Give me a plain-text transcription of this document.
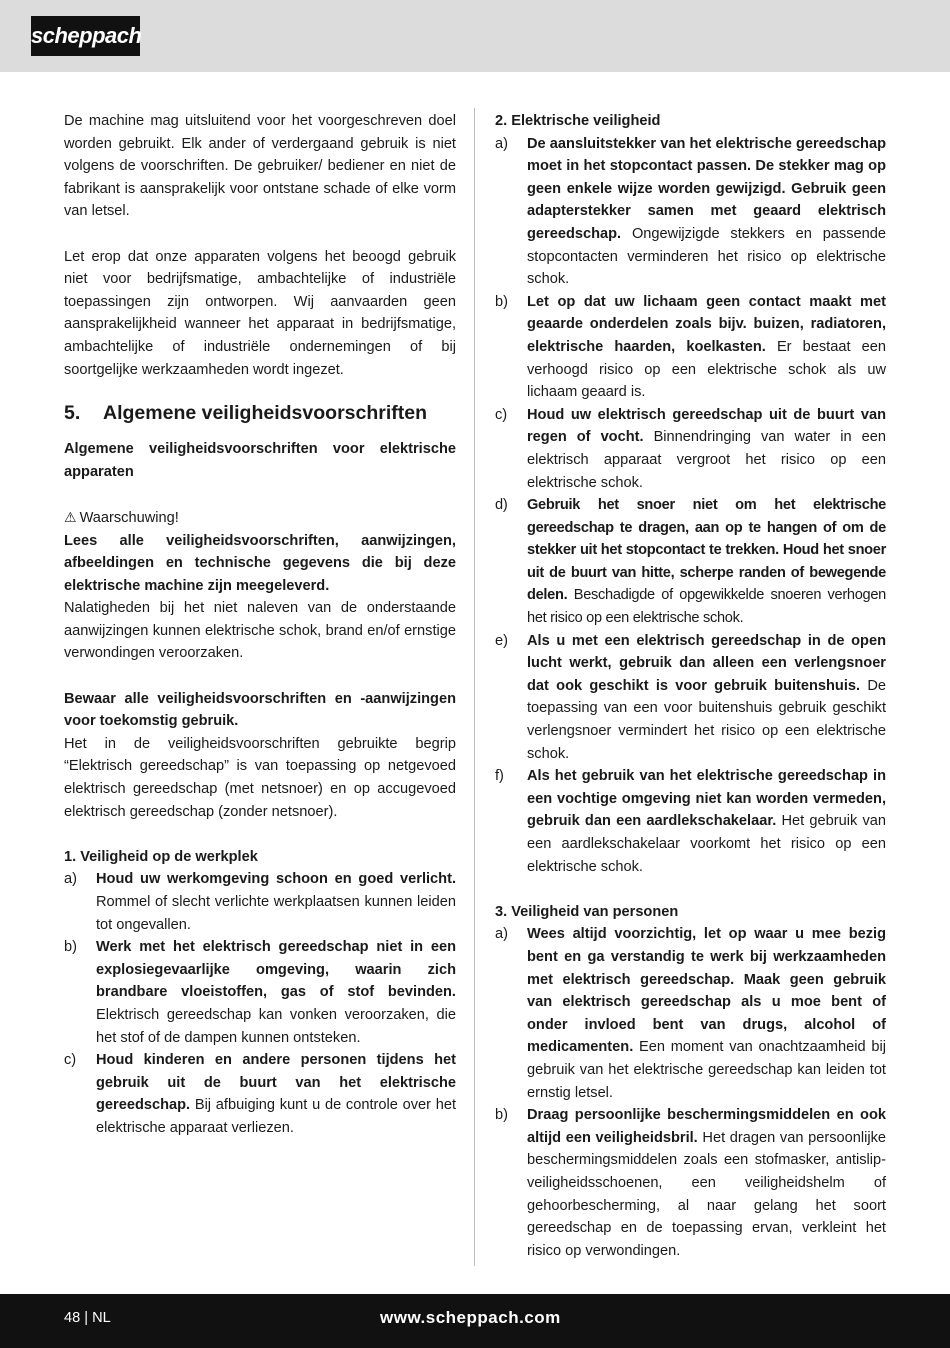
scheppach

De machine mag uitsluitend voor het voorgeschreven doel worden gebruikt. Elk ander of verdergaand gebruik is niet volgens de voorschriften. De gebruiker/ bediener en niet de fabrikant is aansprakelijk voor ontstane schade of elke vorm van letsel.

Let erop dat onze apparaten volgens het beoogd gebruik niet voor bedrijfsmatige, ambachtelijke of industriële toepassingen zijn ontworpen. Wij aanvaarden geen aansprakelijkheid wanneer het apparaat in bedrijfsmatige, ambachtelijke of industriële ondernemingen of bij soortgelijke werkzaamheden wordt ingezet.

5.	Algemene veiligheidsvoorschriften

Algemene veiligheidsvoorschriften voor elektrische apparaten

⚠ Waarschuwing!

Lees alle veiligheidsvoorschriften, aanwijzingen, afbeeldingen en technische gegevens die bij deze elektrische machine zijn meegeleverd.

Nalatigheden bij het niet naleven van de onderstaande aanwijzingen kunnen elektrische schok, brand en/of ernstige verwondingen veroorzaken.

Bewaar alle veiligheidsvoorschriften en -aanwijzingen voor toekomstig gebruik.

Het in de veiligheidsvoorschriften gebruikte begrip “Elektrisch gereedschap” is van toepassing op netgevoed elektrisch gereedschap (met netsnoer) en op accugevoed elektrisch gereedschap (zonder netsnoer).

1. Veiligheid op de werkplek

a)	Houd uw werkomgeving schoon en goed verlicht. Rommel of slecht verlichte werkplaatsen kunnen leiden tot ongevallen.
b)	Werk met het elektrisch gereedschap niet in een explosiegevaarlijke omgeving, waarin zich brandbare vloeistoffen, gas of stof bevinden. Elektrisch gereedschap kan vonken veroorzaken, die het stof of de dampen kunnen ontsteken.
c)	Houd kinderen en andere personen tijdens het gebruik uit de buurt van het elektrische gereedschap. Bij afbuiging kunt u de controle over het elektrische apparaat verliezen.

2. Elektrische veiligheid

a)	De aansluitstekker van het elektrische gereedschap moet in het stopcontact passen. De stekker mag op geen enkele wijze worden gewijzigd. Gebruik geen adapterstekker samen met geaard elektrisch gereedschap. Ongewijzigde stekkers en passende stopcontacten verminderen het risico op elektrische schok.
b)	Let op dat uw lichaam geen contact maakt met geaarde onderdelen zoals bijv. buizen, radiatoren, elektrische haarden, koelkasten. Er bestaat een verhoogd risico op een elektrische schok als uw lichaam geaard is.
c)	Houd uw elektrisch gereedschap uit de buurt van regen of vocht. Binnendringing van water in een elektrisch apparaat vergroot het risico op een elektrische schok.
d)	Gebruik het snoer niet om het elektrische gereedschap te dragen, aan op te hangen of om de stekker uit het stopcontact te trekken. Houd het snoer uit de buurt van hitte, scherpe randen of bewegende delen. Beschadigde of opgewikkelde snoeren verhogen het risico op een elektrische schok.
e)	Als u met een elektrisch gereedschap in de open lucht werkt, gebruik dan alleen een verlengsnoer dat ook geschikt is voor gebruik buitenshuis. De toepassing van een voor buitenshuis gebruik geschikt verlengsnoer vermindert het risico op een elektrische schok.
f)	Als het gebruik van het elektrische gereedschap in een vochtige omgeving niet kan worden vermeden, gebruik dan een aardlekschakelaar. Het gebruik van een aardlekschakelaar voorkomt het risico op een elektrische schok.

3. Veiligheid van personen

a)	Wees altijd voorzichtig, let op waar u mee bezig bent en ga verstandig te werk bij werkzaamheden met elektrisch gereedschap. Maak geen gebruik van elektrisch gereedschap als u moe bent of onder invloed bent van drugs, alcohol of medicamenten. Een moment van onachtzaamheid bij gebruik van het elektrische gereedschap kan leiden tot ernstig letsel.
b)	Draag persoonlijke beschermingsmiddelen en ook altijd een veiligheidsbril. Het dragen van persoonlijke beschermingsmiddelen zoals een stofmasker, antislip-veiligheidsschoenen, een veiligheidshelm of gehoorbescherming, al naar gelang het soort gereedschap en de toepassing ervan, verkleint het risico op verwondingen.
48 | NL	www.scheppach.com
